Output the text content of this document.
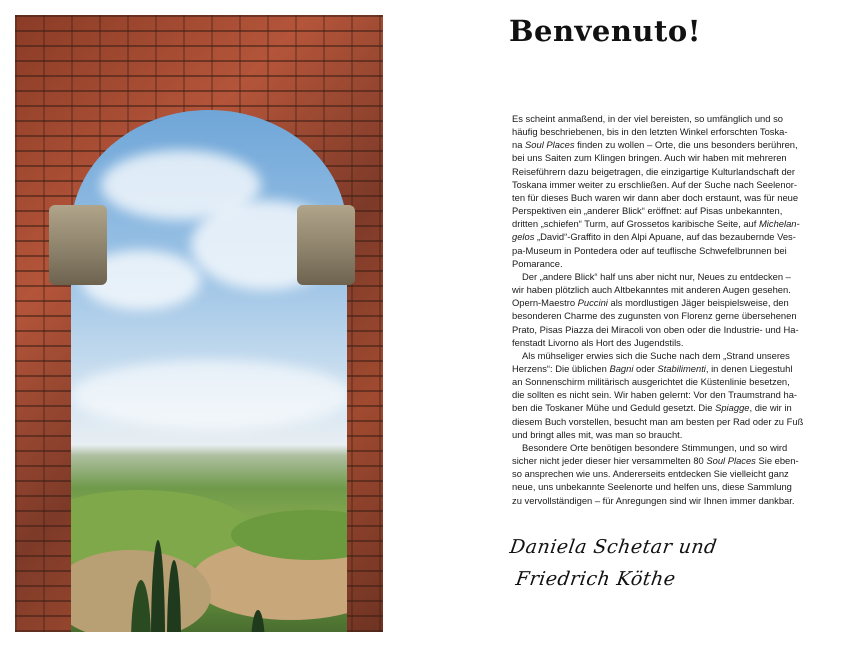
Benvenuto!
Es scheint anmaßend, in der viel bereisten, so umfänglich und so
häufig beschriebenen, bis in den letzten Winkel erforschten Toska-
na Soul Places finden zu wollen – Orte, die uns besonders berühren,
bei uns Saiten zum Klingen bringen. Auch wir haben mit mehreren
Reiseführern dazu beigetragen, die einzigartige Kulturlandschaft der
Toskana immer weiter zu erschließen. Auf der Suche nach Seelenor-
ten für dieses Buch waren wir dann aber doch erstaunt, was für neue
Perspektiven ein „anderer Blick“ eröffnet: auf Pisas unbekannten,
dritten „schiefen“ Turm, auf Grossetos karibische Seite, auf Michelan-
gelos „David“-Graffito in den Alpi Apuane, auf das bezaubernde Ves-
pa-Museum in Pontedera oder auf teuflische Schwefelbrunnen bei
Pomarance.
Der „andere Blick“ half uns aber nicht nur, Neues zu entdecken –
wir haben plötzlich auch Altbekanntes mit anderen Augen gesehen.
Opern-Maestro Puccini als mordlustigen Jäger beispielsweise, den
besonderen Charme des zugunsten von Florenz gerne übersehenen
Prato, Pisas Piazza dei Miracoli von oben oder die Industrie- und Ha-
fenstadt Livorno als Hort des Jugendstils.
Als mühseliger erwies sich die Suche nach dem „Strand unseres
Herzens“: Die üblichen Bagni oder Stabilimenti, in denen Liegestuhl
an Sonnenschirm militärisch ausgerichtet die Küstenlinie besetzen,
die sollten es nicht sein. Wir haben gelernt: Vor den Traumstrand ha-
ben die Toskaner Mühe und Geduld gesetzt. Die Spiagge, die wir in
diesem Buch vorstellen, besucht man am besten per Rad oder zu Fuß
und bringt alles mit, was man so braucht.
Besondere Orte benötigen besondere Stimmungen, und so wird
sicher nicht jeder dieser hier versammelten 80 Soul Places Sie eben-
so ansprechen wie uns. Andererseits entdecken Sie vielleicht ganz
neue, uns unbekannte Seelenorte und helfen uns, diese Sammlung
zu vervollständigen – für Anregungen sind wir Ihnen immer dankbar.
Daniela Schetar und
Friedrich Köthe
